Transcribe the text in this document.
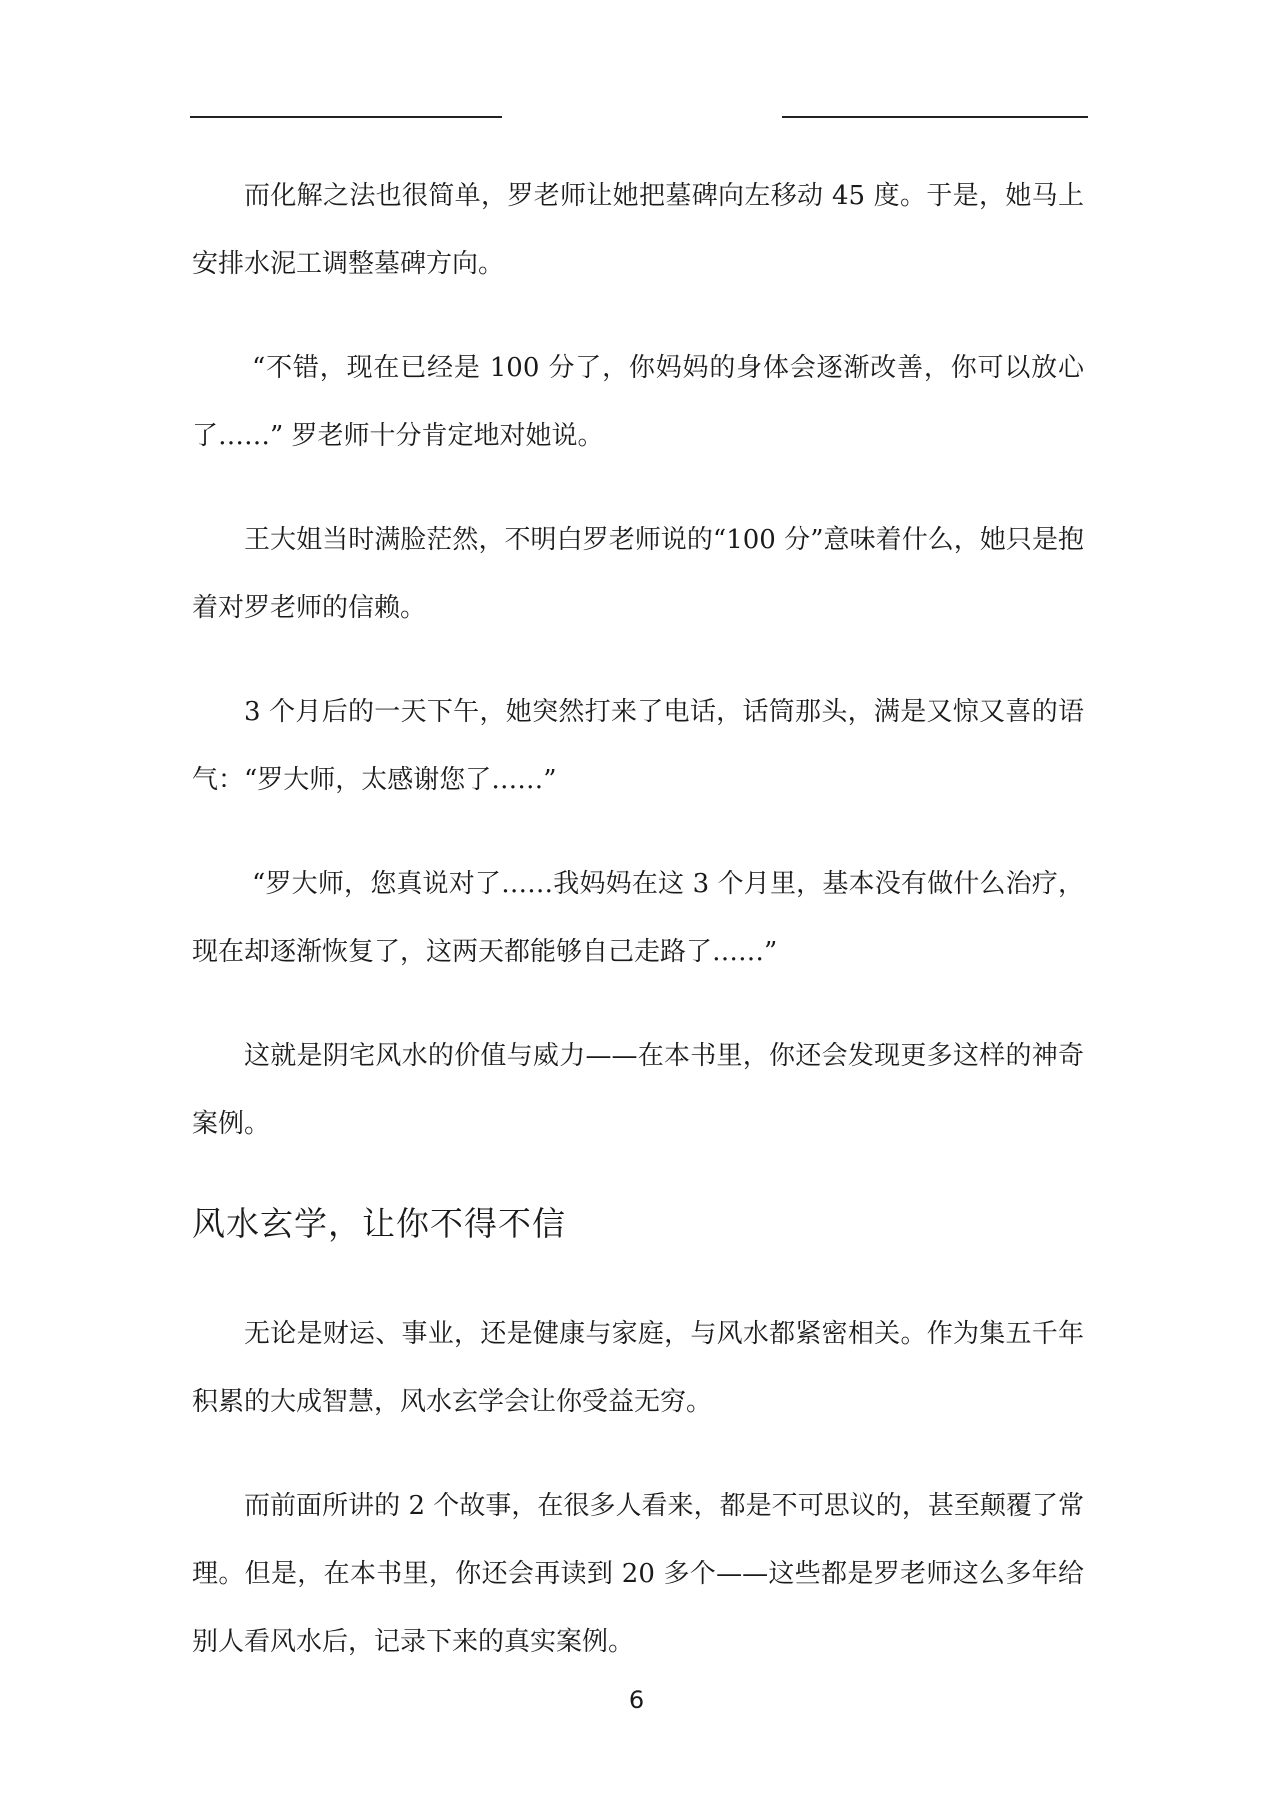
而化解之法也很简单，罗老师让她把墓碑向左移动 45 度。于是，她马上安排水泥工调整墓碑方向。

“不错，现在已经是 100 分了，你妈妈的身体会逐渐改善，你可以放心了……” 罗老师十分肯定地对她说。

王大姐当时满脸茫然，不明白罗老师说的“100 分”意味着什么，她只是抱着对罗老师的信赖。

3 个月后的一天下午，她突然打来了电话，话筒那头，满是又惊又喜的语气：“罗大师，太感谢您了……”

“罗大师，您真说对了……我妈妈在这 3 个月里，基本没有做什么治疗，现在却逐渐恢复了，这两天都能够自己走路了……”

这就是阴宅风水的价值与威力——在本书里，你还会发现更多这样的神奇案例。

风水玄学，让你不得不信

无论是财运、事业，还是健康与家庭，与风水都紧密相关。作为集五千年积累的大成智慧，风水玄学会让你受益无穷。

而前面所讲的 2 个故事，在很多人看来，都是不可思议的，甚至颠覆了常理。但是，在本书里，你还会再读到 20 多个——这些都是罗老师这么多年给别人看风水后，记录下来的真实案例。

6
